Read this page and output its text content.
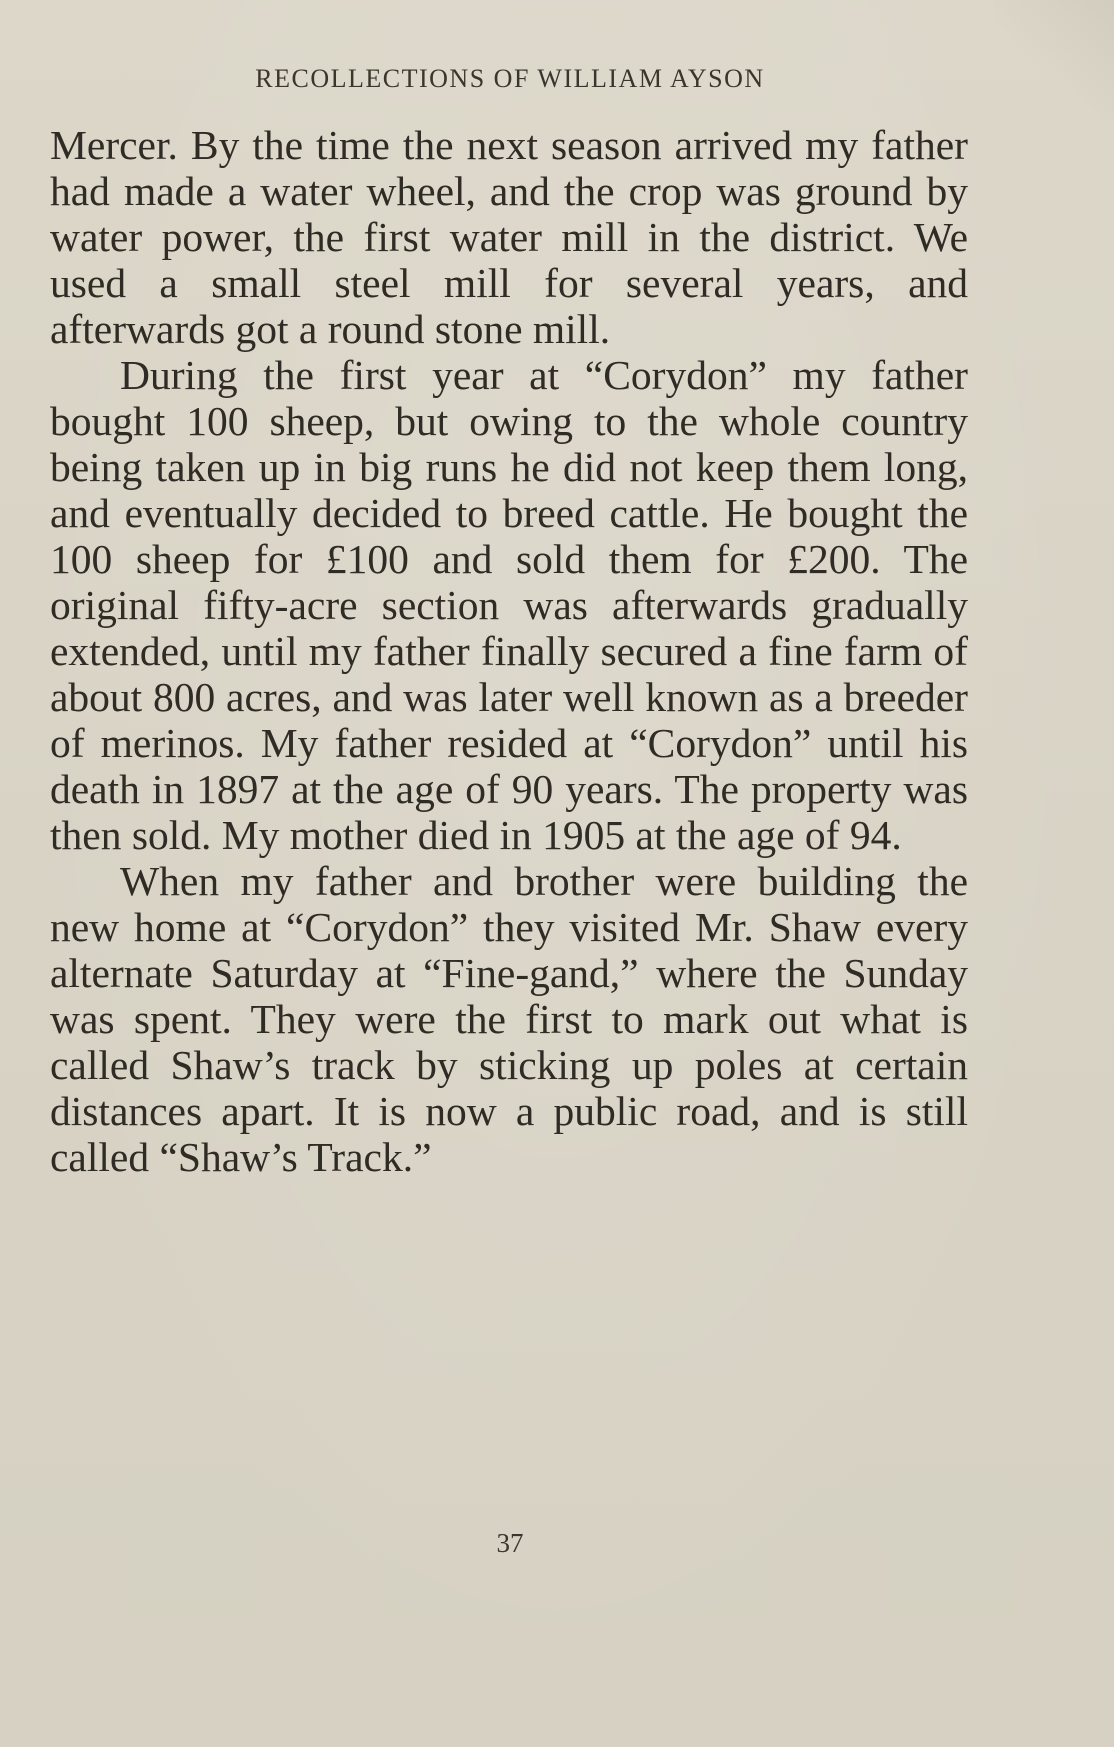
RECOLLECTIONS OF WILLIAM AYSON

Mercer. By the time the next season arrived my father had made a water wheel, and the crop was ground by water power, the first water mill in the district. We used a small steel mill for several years, and afterwards got a round stone mill.

During the first year at “Corydon” my father bought 100 sheep, but owing to the whole country being taken up in big runs he did not keep them long, and eventually decided to breed cattle. He bought the 100 sheep for £100 and sold them for £200. The original fifty-acre section was afterwards gradually extended, until my father finally secured a fine farm of about 800 acres, and was later well known as a breeder of merinos. My father resided at “Corydon” until his death in 1897 at the age of 90 years. The property was then sold. My mother died in 1905 at the age of 94.

When my father and brother were building the new home at “Corydon” they visited Mr. Shaw every alternate Saturday at “Fine-gand,” where the Sunday was spent. They were the first to mark out what is called Shaw’s track by sticking up poles at certain distances apart. It is now a public road, and is still called “Shaw’s Track.”

37
